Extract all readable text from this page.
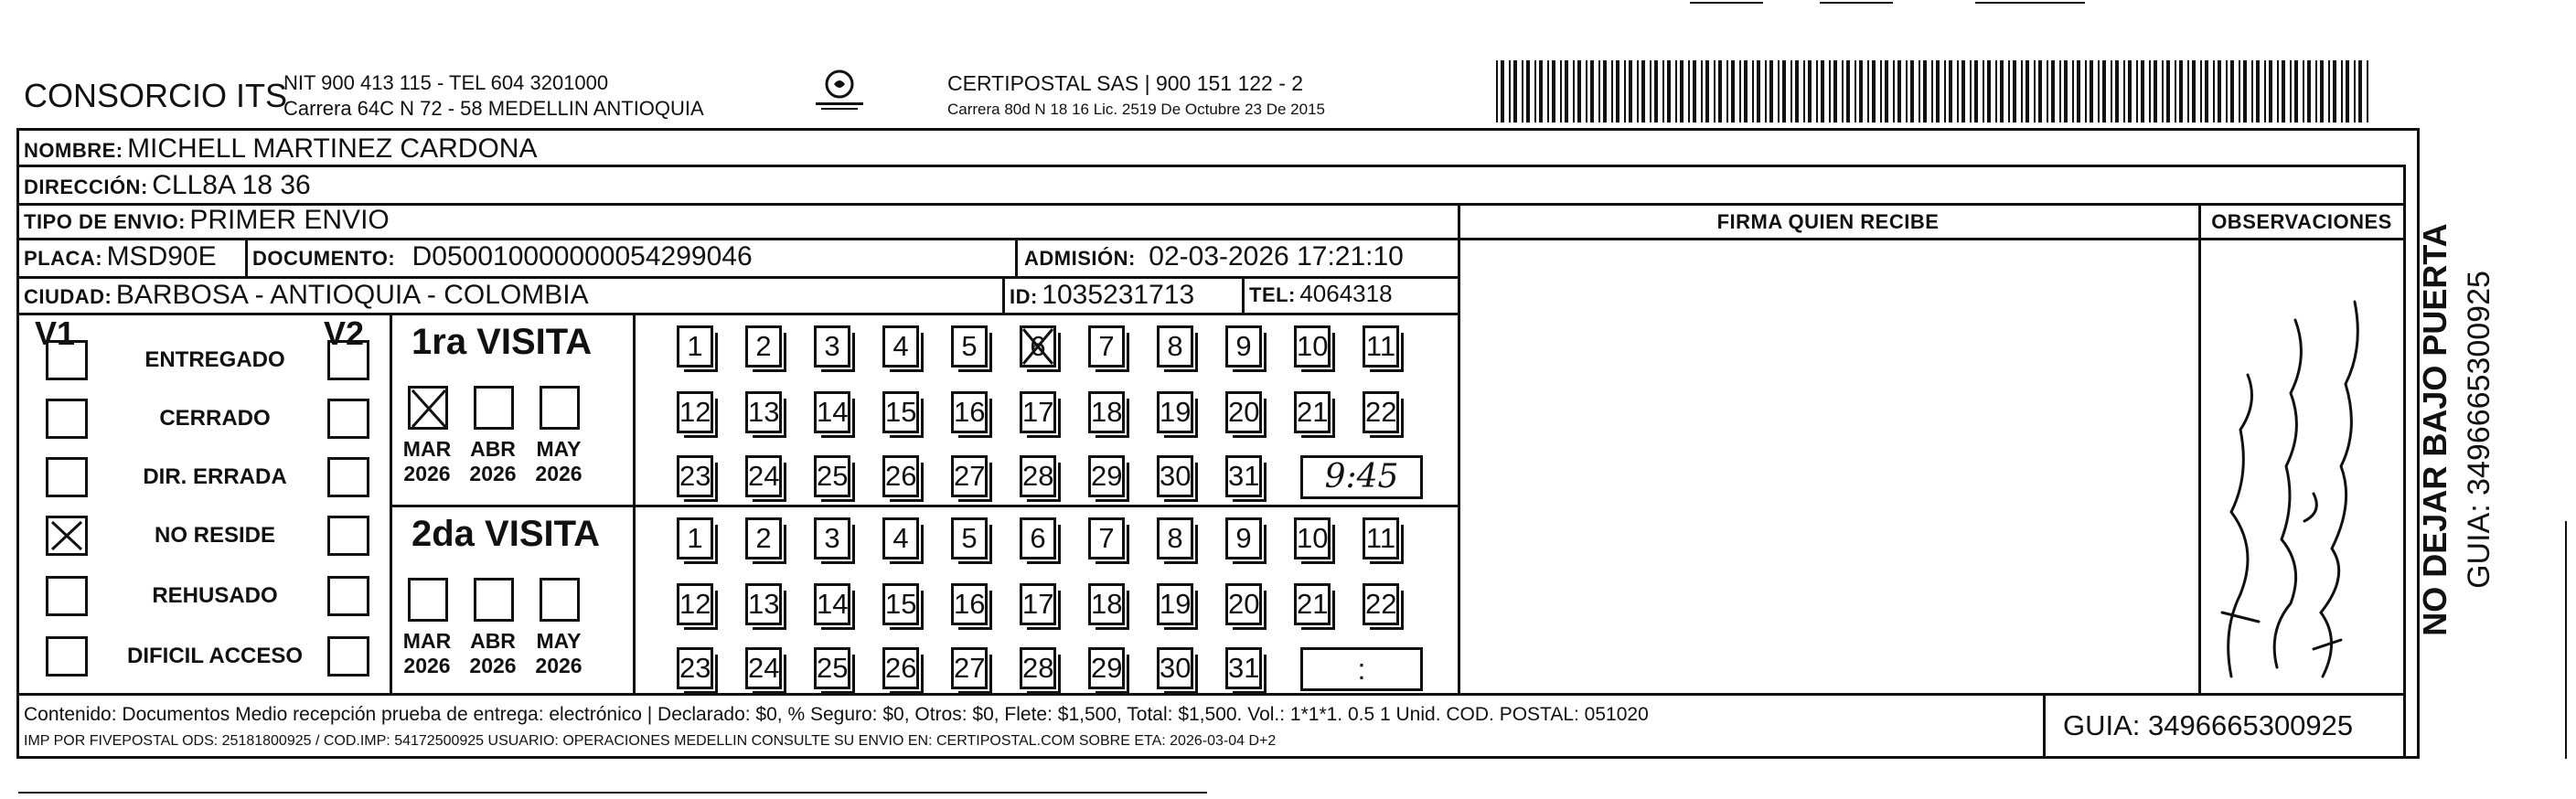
CONSORCIO ITS
NIT 900 413 115 - TEL 604 3201000
Carrera 64C N 72 - 58 MEDELLIN ANTIOQUIA
CERTIPOSTAL SAS | 900 151 122 - 2
Carrera 80d N 18 16 Lic. 2519 De Octubre 23 De 2015
NOMBRE: MICHELL MARTINEZ CARDONA
DIRECCIÓN: CLL8A 18 36
TIPO DE ENVIO: PRIMER ENVIO	FIRMA QUIEN RECIBE	OBSERVACIONES
PLACA: MSD90E DOCUMENTO: D050010000000054299046	ADMISIÓN: 02-03-2026 17:21:10
CIUDAD: BARBOSA - ANTIOQUIA - COLOMBIA	ID: 1035231713	TEL: 4064318
V1	V2
ENTREGADO
CERRADO
DIR. ERRADA
NO RESIDE
REHUSADO
DIFICIL ACCESO
1ra VISITA
2da VISITA
MAR
2026
ABR
2026
MAY
2026
1	2	3	4	5	6	7	8	9	10 11
12 13 14 15 16 17 18 19 20 21 22
23 24 25 26 27 28 29 30 31	9:45
MAR
2026
ABR
2026
MAY
2026
1	2	3	4	5	6	7	8	9	10 11
12 13 14 15 16 17 18 19 20 21 22
23 24 25 26 27 28 29 30 31	:
Contenido: Documentos Medio recepción prueba de entrega: electrónico | Declarado: $0, % Seguro: $0, Otros: $0, Flete: $1,500, Total: $1,500. Vol.: 1*1*1. 0.5 1 Unid. COD. POSTAL: 051020
IMP POR FIVEPOSTAL ODS: 25181800925 / COD.IMP: 54172500925 USUARIO: OPERACIONES MEDELLIN CONSULTE SU ENVIO EN: CERTIPOSTAL.COM SOBRE ETA: 2026-03-04 D+2	GUIA: 3496665300925
NO DEJAR BAJO PUERTA GUIA: 3496665300925
